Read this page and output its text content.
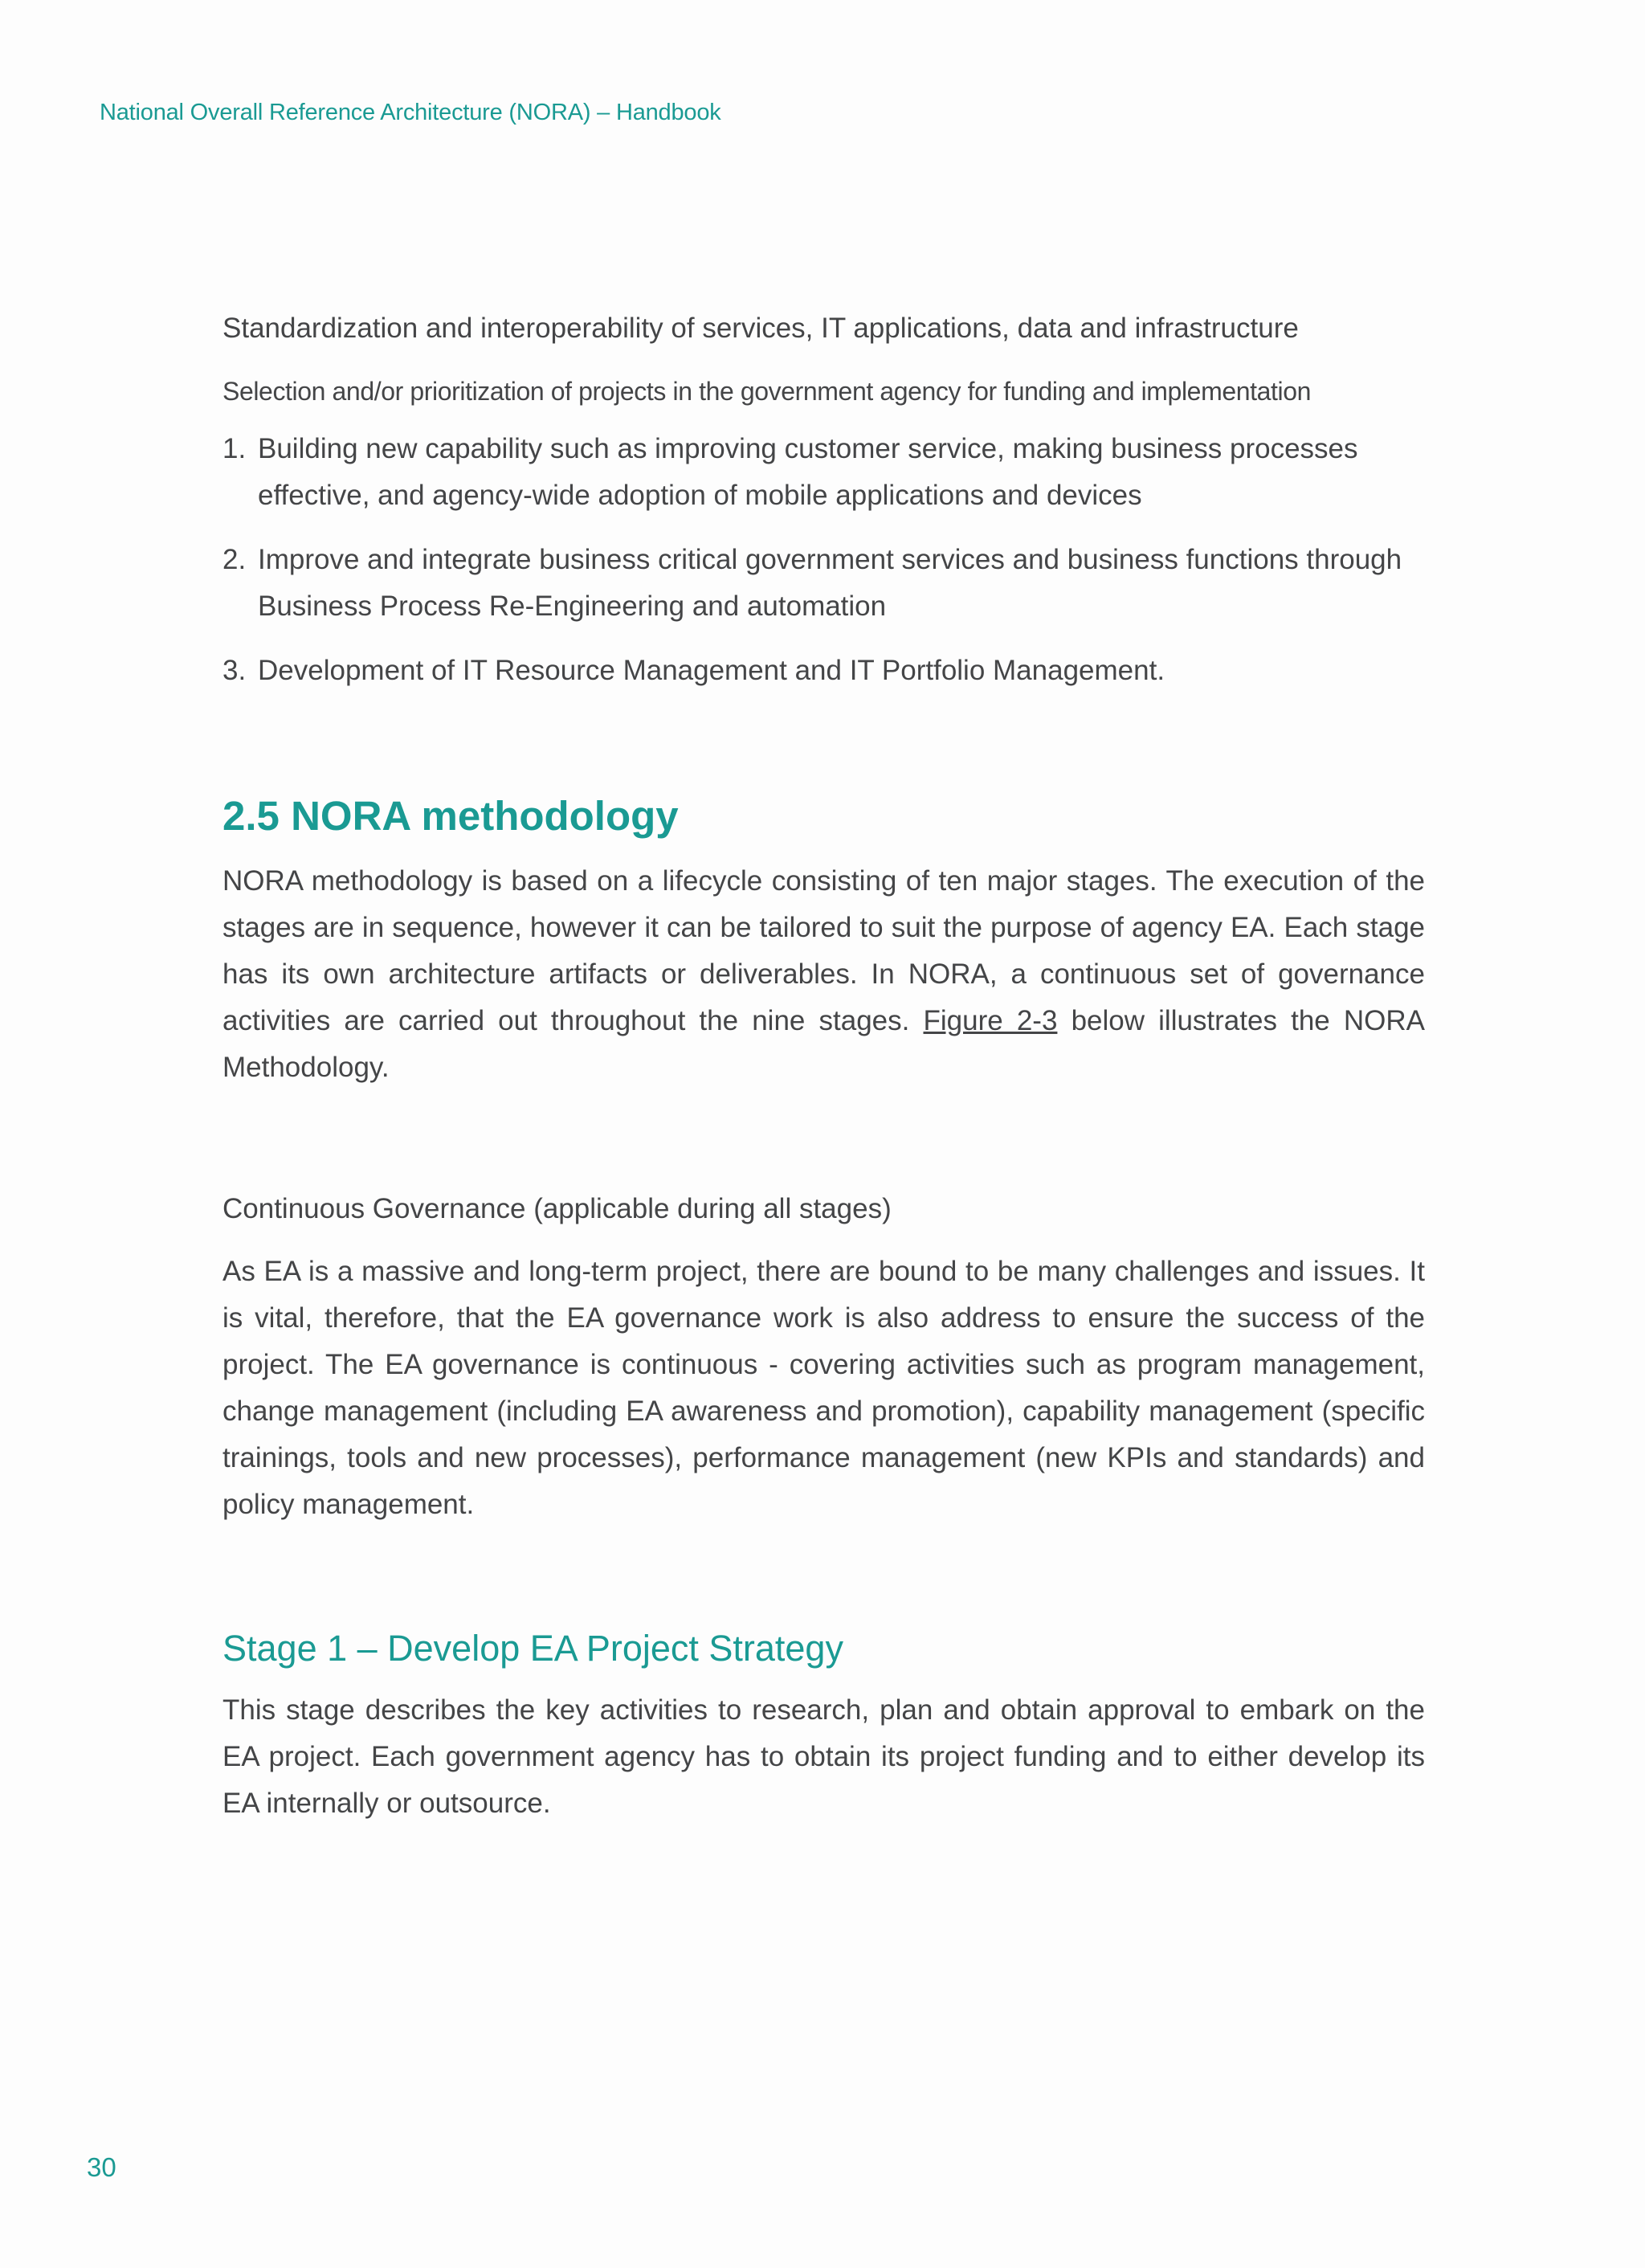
National Overall Reference Architecture (NORA) – Handbook

Standardization and interoperability of services, IT applications, data and infrastructure

Selection and/or prioritization of projects in the government agency for funding and implementation

1. Building new capability such as improving customer service, making business processes effective, and agency-wide adoption of mobile applications and devices
2. Improve and integrate business critical government services and business functions through Business Process Re-Engineering and automation
3. Development of IT Resource Management and IT Portfolio Management.
2.5 NORA methodology

NORA methodology is based on a lifecycle consisting of ten major stages. The execution of the stages are in sequence, however it can be tailored to suit the purpose of agency EA. Each stage has its own architecture artifacts or deliverables. In NORA, a continuous set of governance activities are carried out throughout the nine stages. Figure 2-3 below illustrates the NORA Methodology.

Continuous Governance (applicable during all stages)

As EA is a massive and long-term project, there are bound to be many challenges and issues. It is vital, therefore, that the EA governance work is also address to ensure the success of the project. The EA governance is continuous - covering activities such as program management, change management (including EA awareness and promotion), capability management (specific trainings, tools and new processes), performance management (new KPIs and standards) and policy management.

Stage 1 – Develop EA Project Strategy

This stage describes the key activities to research, plan and obtain approval to embark on the EA project. Each government agency has to obtain its project funding and to either develop its EA internally or outsource.

30
